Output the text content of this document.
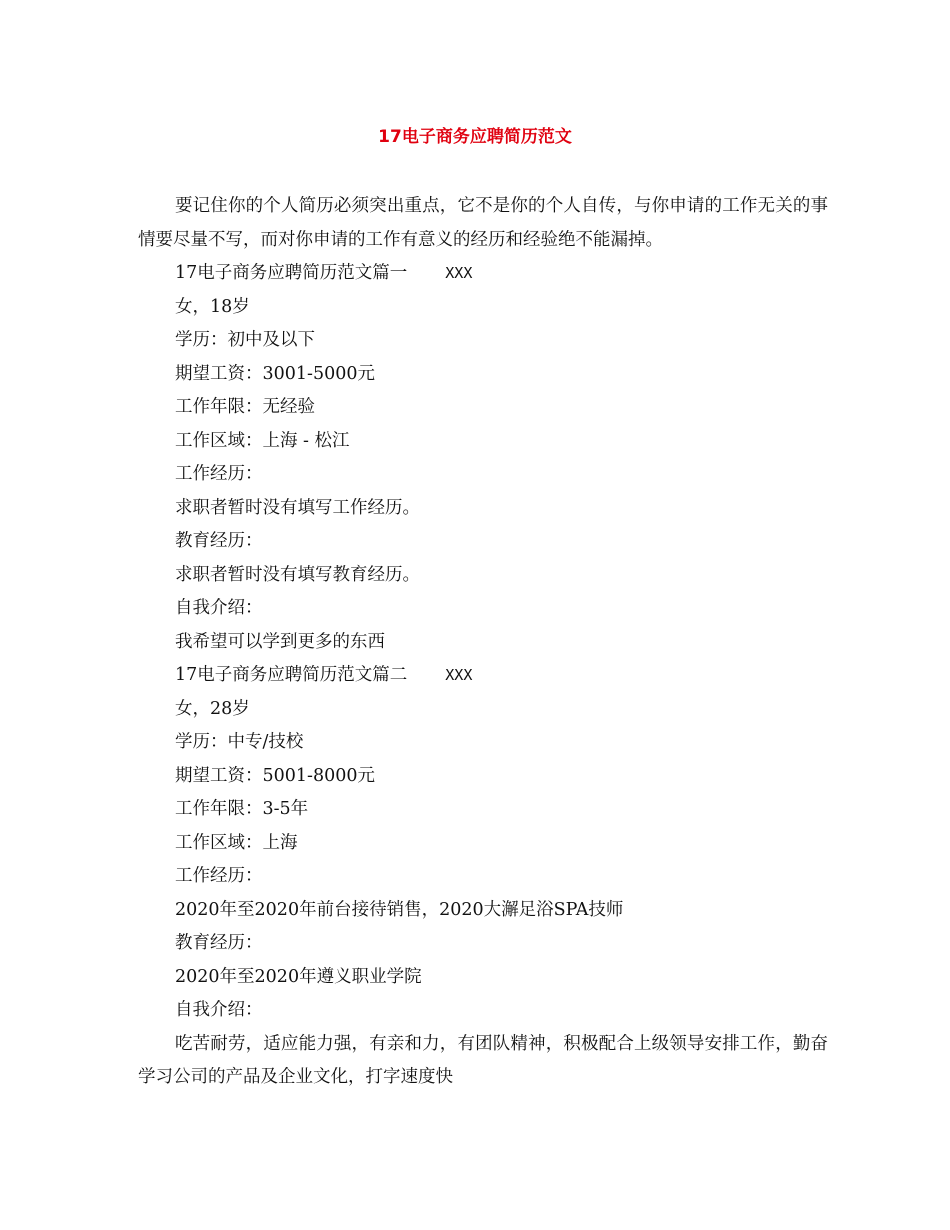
17电子商务应聘简历范文

要记住你的个人简历必须突出重点，它不是你的个人自传，与你申请的工作无关的事情要尽量不写，而对你申请的工作有意义的经历和经验绝不能漏掉。

17电子商务应聘简历范文篇一	XXX

女，18岁

学历：初中及以下

期望工资：3001-5000元

工作年限：无经验

工作区域：上海 - 松江

工作经历：

求职者暂时没有填写工作经历。

教育经历：

求职者暂时没有填写教育经历。

自我介绍：

我希望可以学到更多的东西

17电子商务应聘简历范文篇二	XXX

女，28岁

学历：中专/技校

期望工资：5001-8000元

工作年限：3-5年

工作区域：上海

工作经历：

2020年至2020年前台接待销售，2020大澥足浴SPA技师

教育经历：

2020年至2020年遵义职业学院

自我介绍：

吃苦耐劳，适应能力强，有亲和力，有团队精神，积极配合上级领导安排工作，勤奋学习公司的产品及企业文化，打字速度快
